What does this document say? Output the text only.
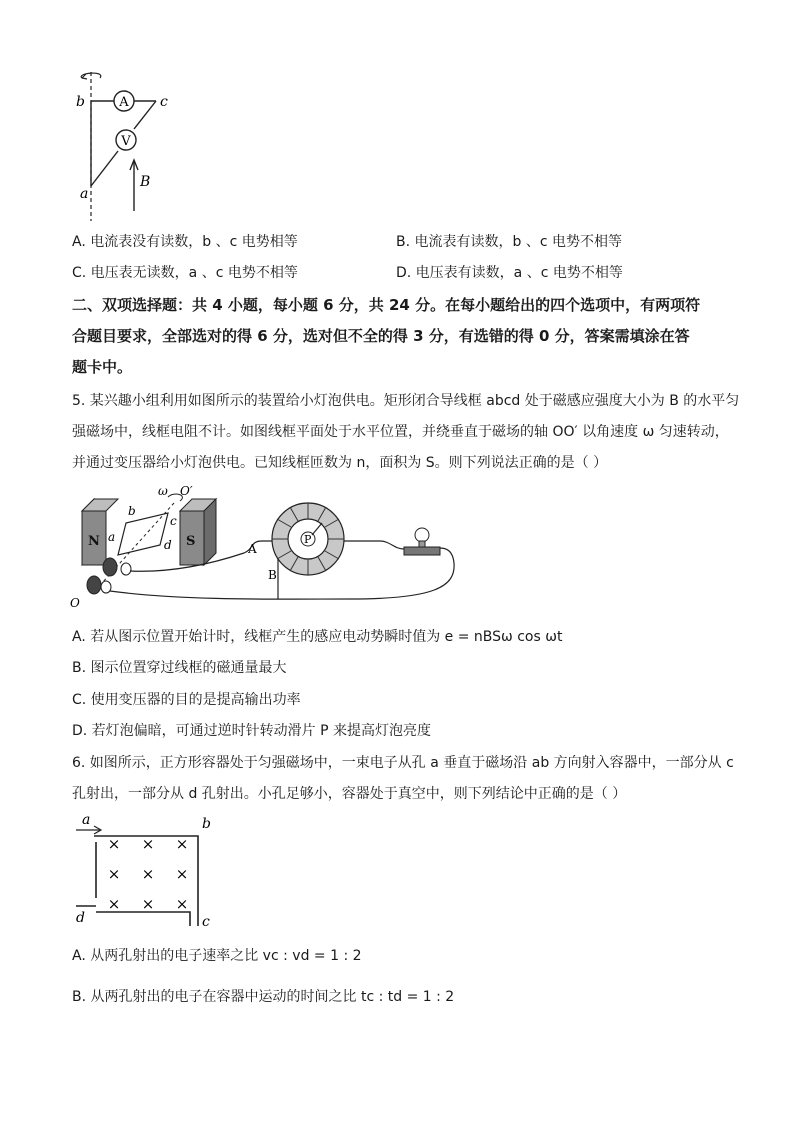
A
V
b	c
a
B
A. 电流表没有读数，b 、c 电势相等	B. 电流表有读数，b 、c 电势不相等
C. 电压表无读数，a 、c 电势不相等	D. 电压表有读数，a 、c 电势不相等
二、双项选择题：共 4 小题，每小题 6 分，共 24 分。在每小题给出的四个选项中，有两项符
合题目要求，全部选对的得 6 分，选对但不全的得 3 分，有选错的得 0 分，答案需填涂在答
题卡中。
5. 某兴趣小组利用如图所示的装置给小灯泡供电。矩形闭合导线框 abcd 处于磁感应强度大小为 B 的水平匀
强磁场中，线框电阻不计。如图线框平面处于水平位置，并绕垂直于磁场的轴 OO′ 以角速度 ω 匀速转动，
并通过变压器给小灯泡供电。已知线框匝数为 n，面积为 S。则下列说法正确的是（ ）
N	S
a
b
c
d
ω O′
O
A
B
P
A. 若从图示位置开始计时，线框产生的感应电动势瞬时值为 e = nBSω cos ωt
B. 图示位置穿过线框的磁通量最大
C. 使用变压器的目的是提高输出功率
D. 若灯泡偏暗，可通过逆时针转动滑片 P 来提高灯泡亮度
6. 如图所示，正方形容器处于匀强磁场中，一束电子从孔 a 垂直于磁场沿 ab 方向射入容器中，一部分从 c
孔射出，一部分从 d 孔射出。小孔足够小，容器处于真空中，则下列结论中正确的是（ ）
× × ×
× × ×
× × ×
a	b
c
d
A. 从两孔射出的电子速率之比 vc : vd = 1 : 2
B. 从两孔射出的电子在容器中运动的时间之比 tc : td = 1 : 2
